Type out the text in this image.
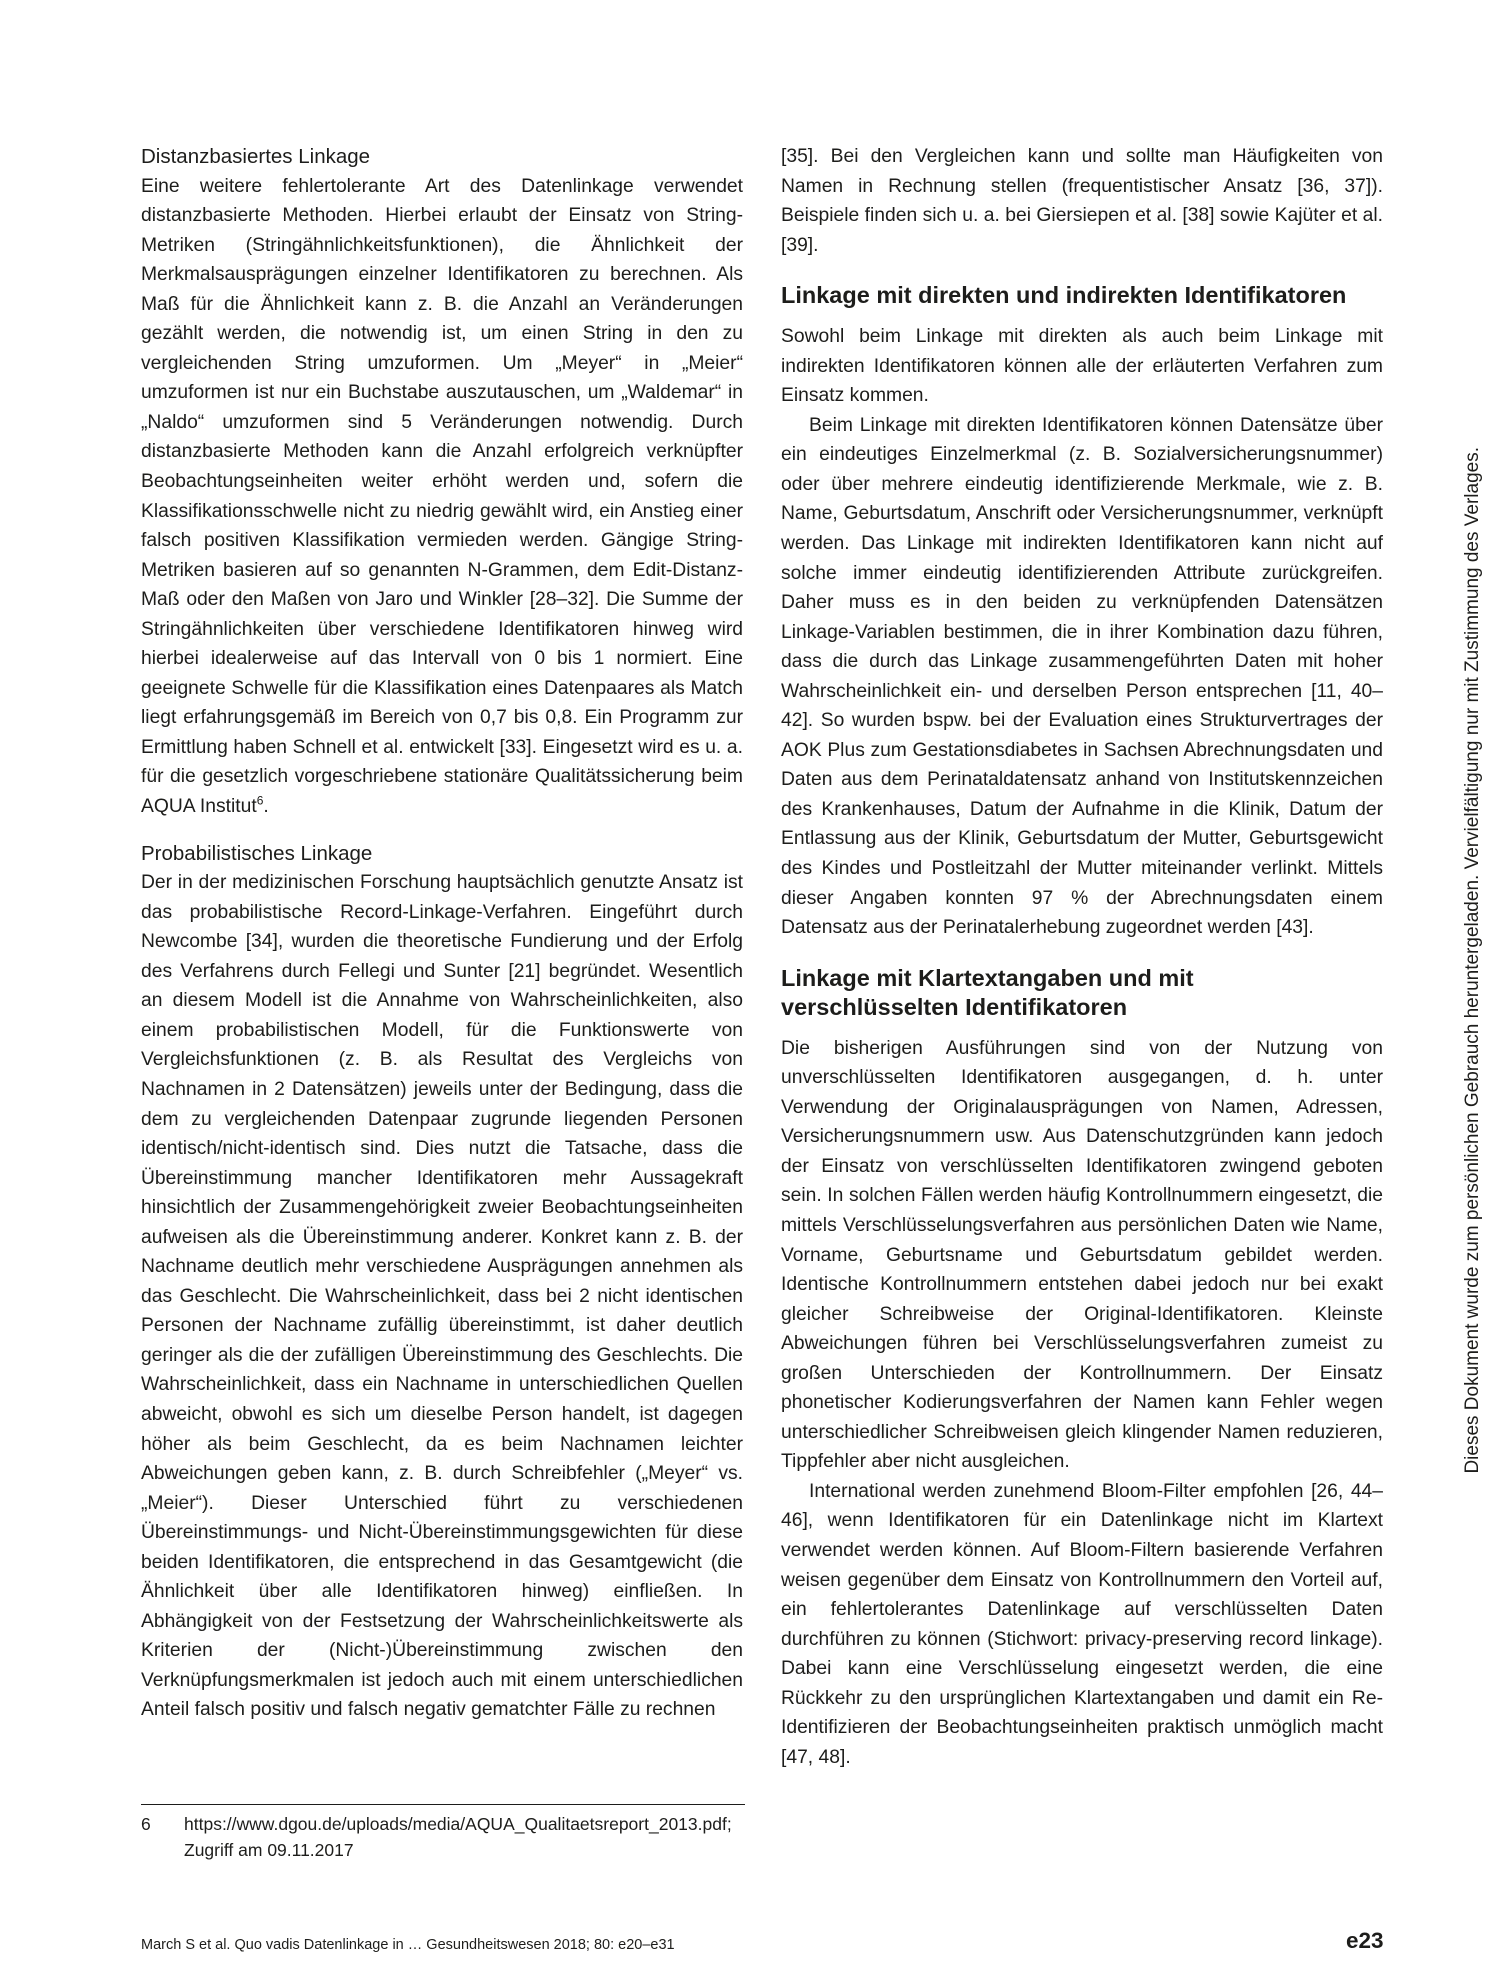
Distanzbasiertes Linkage

Eine weitere fehlertolerante Art des Datenlinkage verwendet distanzbasierte Methoden. Hierbei erlaubt der Einsatz von String-Metriken (Stringähnlichkeitsfunktionen), die Ähnlichkeit der Merkmalsausprägungen einzelner Identifikatoren zu berechnen. Als Maß für die Ähnlichkeit kann z. B. die Anzahl an Veränderungen gezählt werden, die notwendig ist, um einen String in den zu vergleichenden String umzuformen. Um „Meyer“ in „Meier“ umzuformen ist nur ein Buchstabe auszutauschen, um „Waldemar“ in „Naldo“ umzuformen sind 5 Veränderungen notwendig. Durch distanzbasierte Methoden kann die Anzahl erfolgreich verknüpfter Beobachtungseinheiten weiter erhöht werden und, sofern die Klassifikationsschwelle nicht zu niedrig gewählt wird, ein Anstieg einer falsch positiven Klassifikation vermieden werden. Gängige String-Metriken basieren auf so genannten N-Grammen, dem Edit-Distanz-Maß oder den Maßen von Jaro und Winkler [28–32]. Die Summe der Stringähnlichkeiten über verschiedene Identifikatoren hinweg wird hierbei idealerweise auf das Intervall von 0 bis 1 normiert. Eine geeignete Schwelle für die Klassifikation eines Datenpaares als Match liegt erfahrungsgemäß im Bereich von 0,7 bis 0,8. Ein Programm zur Ermittlung haben Schnell et al. entwickelt [33]. Eingesetzt wird es u. a. für die gesetzlich vorgeschriebene stationäre Qualitätssicherung beim AQUA Institut$^6$.

Probabilistisches Linkage

Der in der medizinischen Forschung hauptsächlich genutzte Ansatz ist das probabilistische Record-Linkage-Verfahren. Eingeführt durch Newcombe [34], wurden die theoretische Fundierung und der Erfolg des Verfahrens durch Fellegi und Sunter [21] begründet. Wesentlich an diesem Modell ist die Annahme von Wahrscheinlichkeiten, also einem probabilistischen Modell, für die Funktionswerte von Vergleichsfunktionen (z. B. als Resultat des Vergleichs von Nachnamen in 2 Datensätzen) jeweils unter der Bedingung, dass die dem zu vergleichenden Datenpaar zugrunde liegenden Personen identisch/nicht-identisch sind. Dies nutzt die Tatsache, dass die Übereinstimmung mancher Identifikatoren mehr Aussagekraft hinsichtlich der Zusammengehörigkeit zweier Beobachtungseinheiten aufweisen als die Übereinstimmung anderer. Konkret kann z. B. der Nachname deutlich mehr verschiedene Ausprägungen annehmen als das Geschlecht. Die Wahrscheinlichkeit, dass bei 2 nicht identischen Personen der Nachname zufällig übereinstimmt, ist daher deutlich geringer als die der zufälligen Übereinstimmung des Geschlechts. Die Wahrscheinlichkeit, dass ein Nachname in unterschiedlichen Quellen abweicht, obwohl es sich um dieselbe Person handelt, ist dagegen höher als beim Geschlecht, da es beim Nachnamen leichter Abweichungen geben kann, z. B. durch Schreibfehler („Meyer“ vs. „Meier“). Dieser Unterschied führt zu verschiedenen Übereinstimmungs- und Nicht-Übereinstimmungsgewichten für diese beiden Identifikatoren, die entsprechend in das Gesamtgewicht (die Ähnlichkeit über alle Identifikatoren hinweg) einfließen. In Abhängigkeit von der Festsetzung der Wahrscheinlichkeitswerte als Kriterien der (Nicht-)Übereinstimmung zwischen den Verknüpfungsmerkmalen ist jedoch auch mit einem unterschiedlichen Anteil falsch positiv und falsch negativ gematchter Fälle zu rechnen

[35]. Bei den Vergleichen kann und sollte man Häufigkeiten von Namen in Rechnung stellen (frequentistischer Ansatz [36, 37]). Beispiele finden sich u. a. bei Giersiepen et al. [38] sowie Kajüter et al. [39].

Linkage mit direkten und indirekten Identifikatoren

Sowohl beim Linkage mit direkten als auch beim Linkage mit indirekten Identifikatoren können alle der erläuterten Verfahren zum Einsatz kommen.

Beim Linkage mit direkten Identifikatoren können Datensätze über ein eindeutiges Einzelmerkmal (z. B. Sozialversicherungsnummer) oder über mehrere eindeutig identifizierende Merkmale, wie z. B. Name, Geburtsdatum, Anschrift oder Versicherungsnummer, verknüpft werden. Das Linkage mit indirekten Identifikatoren kann nicht auf solche immer eindeutig identifizierenden Attribute zurückgreifen. Daher muss es in den beiden zu verknüpfenden Datensätzen Linkage-Variablen bestimmen, die in ihrer Kombination dazu führen, dass die durch das Linkage zusammengeführten Daten mit hoher Wahrscheinlichkeit ein- und derselben Person entsprechen [11, 40–42]. So wurden bspw. bei der Evaluation eines Strukturvertrages der AOK Plus zum Gestationsdiabetes in Sachsen Abrechnungsdaten und Daten aus dem Perinataldatensatz anhand von Institutskennzeichen des Krankenhauses, Datum der Aufnahme in die Klinik, Datum der Entlassung aus der Klinik, Geburtsdatum der Mutter, Geburtsgewicht des Kindes und Postleitzahl der Mutter miteinander verlinkt. Mittels dieser Angaben konnten 97 % der Abrechnungsdaten einem Datensatz aus der Perinatalerhebung zugeordnet werden [43].

Linkage mit Klartextangaben und mit
verschlüsselten Identifikatoren

Die bisherigen Ausführungen sind von der Nutzung von unverschlüsselten Identifikatoren ausgegangen, d. h. unter Verwendung der Originalausprägungen von Namen, Adressen, Versicherungsnummern usw. Aus Datenschutzgründen kann jedoch der Einsatz von verschlüsselten Identifikatoren zwingend geboten sein. In solchen Fällen werden häufig Kontrollnummern eingesetzt, die mittels Verschlüsselungsverfahren aus persönlichen Daten wie Name, Vorname, Geburtsname und Geburtsdatum gebildet werden. Identische Kontrollnummern entstehen dabei jedoch nur bei exakt gleicher Schreibweise der Original-Identifikatoren. Kleinste Abweichungen führen bei Verschlüsselungsverfahren zumeist zu großen Unterschieden der Kontrollnummern. Der Einsatz phonetischer Kodierungsverfahren der Namen kann Fehler wegen unterschiedlicher Schreibweisen gleich klingender Namen reduzieren, Tippfehler aber nicht ausgleichen.

International werden zunehmend Bloom-Filter empfohlen [26, 44–46], wenn Identifikatoren für ein Datenlinkage nicht im Klartext verwendet werden können. Auf Bloom-Filtern basierende Verfahren weisen gegenüber dem Einsatz von Kontrollnummern den Vorteil auf, ein fehlertolerantes Datenlinkage auf verschlüsselten Daten durchführen zu können (Stichwort: privacy-preserving record linkage). Dabei kann eine Verschlüsselung eingesetzt werden, die eine Rückkehr zu den ursprünglichen Klartextangaben und damit ein Re-Identifizieren der Beobachtungseinheiten praktisch unmöglich macht [47, 48].

6	https://www.dgou.de/uploads/media/AQUA_Qualitaetsreport_2013.pdf; Zugriff am 09.11.2017
Dieses Dokument wurde zum persönlichen Gebrauch heruntergeladen. Vervielfältigung nur mit Zustimmung des Verlages.
March S et al. Quo vadis Datenlinkage in … Gesundheitswesen 2018; 80: e20–e31	e23
